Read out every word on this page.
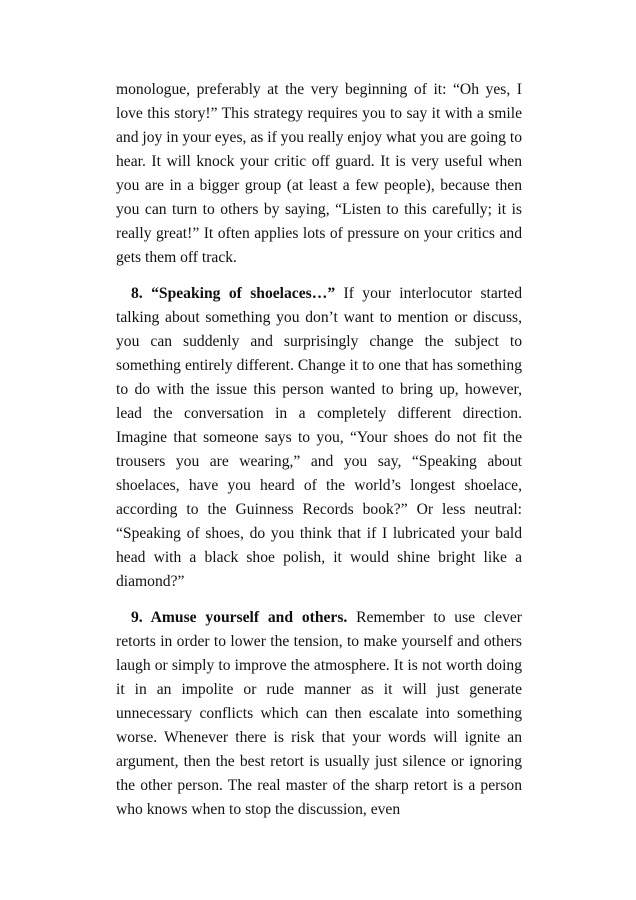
monologue, preferably at the very beginning of it: “Oh yes, I love this story!” This strategy requires you to say it with a smile and joy in your eyes, as if you really enjoy what you are going to hear. It will knock your critic off guard. It is very useful when you are in a bigger group (at least a few people), because then you can turn to others by saying, “Listen to this carefully; it is really great!” It often applies lots of pressure on your critics and gets them off track.

8. “Speaking of shoelaces…” If your interlocutor started talking about something you don’t want to mention or discuss, you can suddenly and surprisingly change the subject to something entirely different. Change it to one that has something to do with the issue this person wanted to bring up, however, lead the conversation in a completely different direction. Imagine that someone says to you, “Your shoes do not fit the trousers you are wearing,” and you say, “Speaking about shoelaces, have you heard of the world’s longest shoelace, according to the Guinness Records book?” Or less neutral: “Speaking of shoes, do you think that if I lubricated your bald head with a black shoe polish, it would shine bright like a diamond?”

9. Amuse yourself and others. Remember to use clever retorts in order to lower the tension, to make yourself and others laugh or simply to improve the atmosphere. It is not worth doing it in an impolite or rude manner as it will just generate unnecessary conflicts which can then escalate into something worse. Whenever there is risk that your words will ignite an argument, then the best retort is usually just silence or ignoring the other person. The real master of the sharp retort is a person who knows when to stop the discussion, even
